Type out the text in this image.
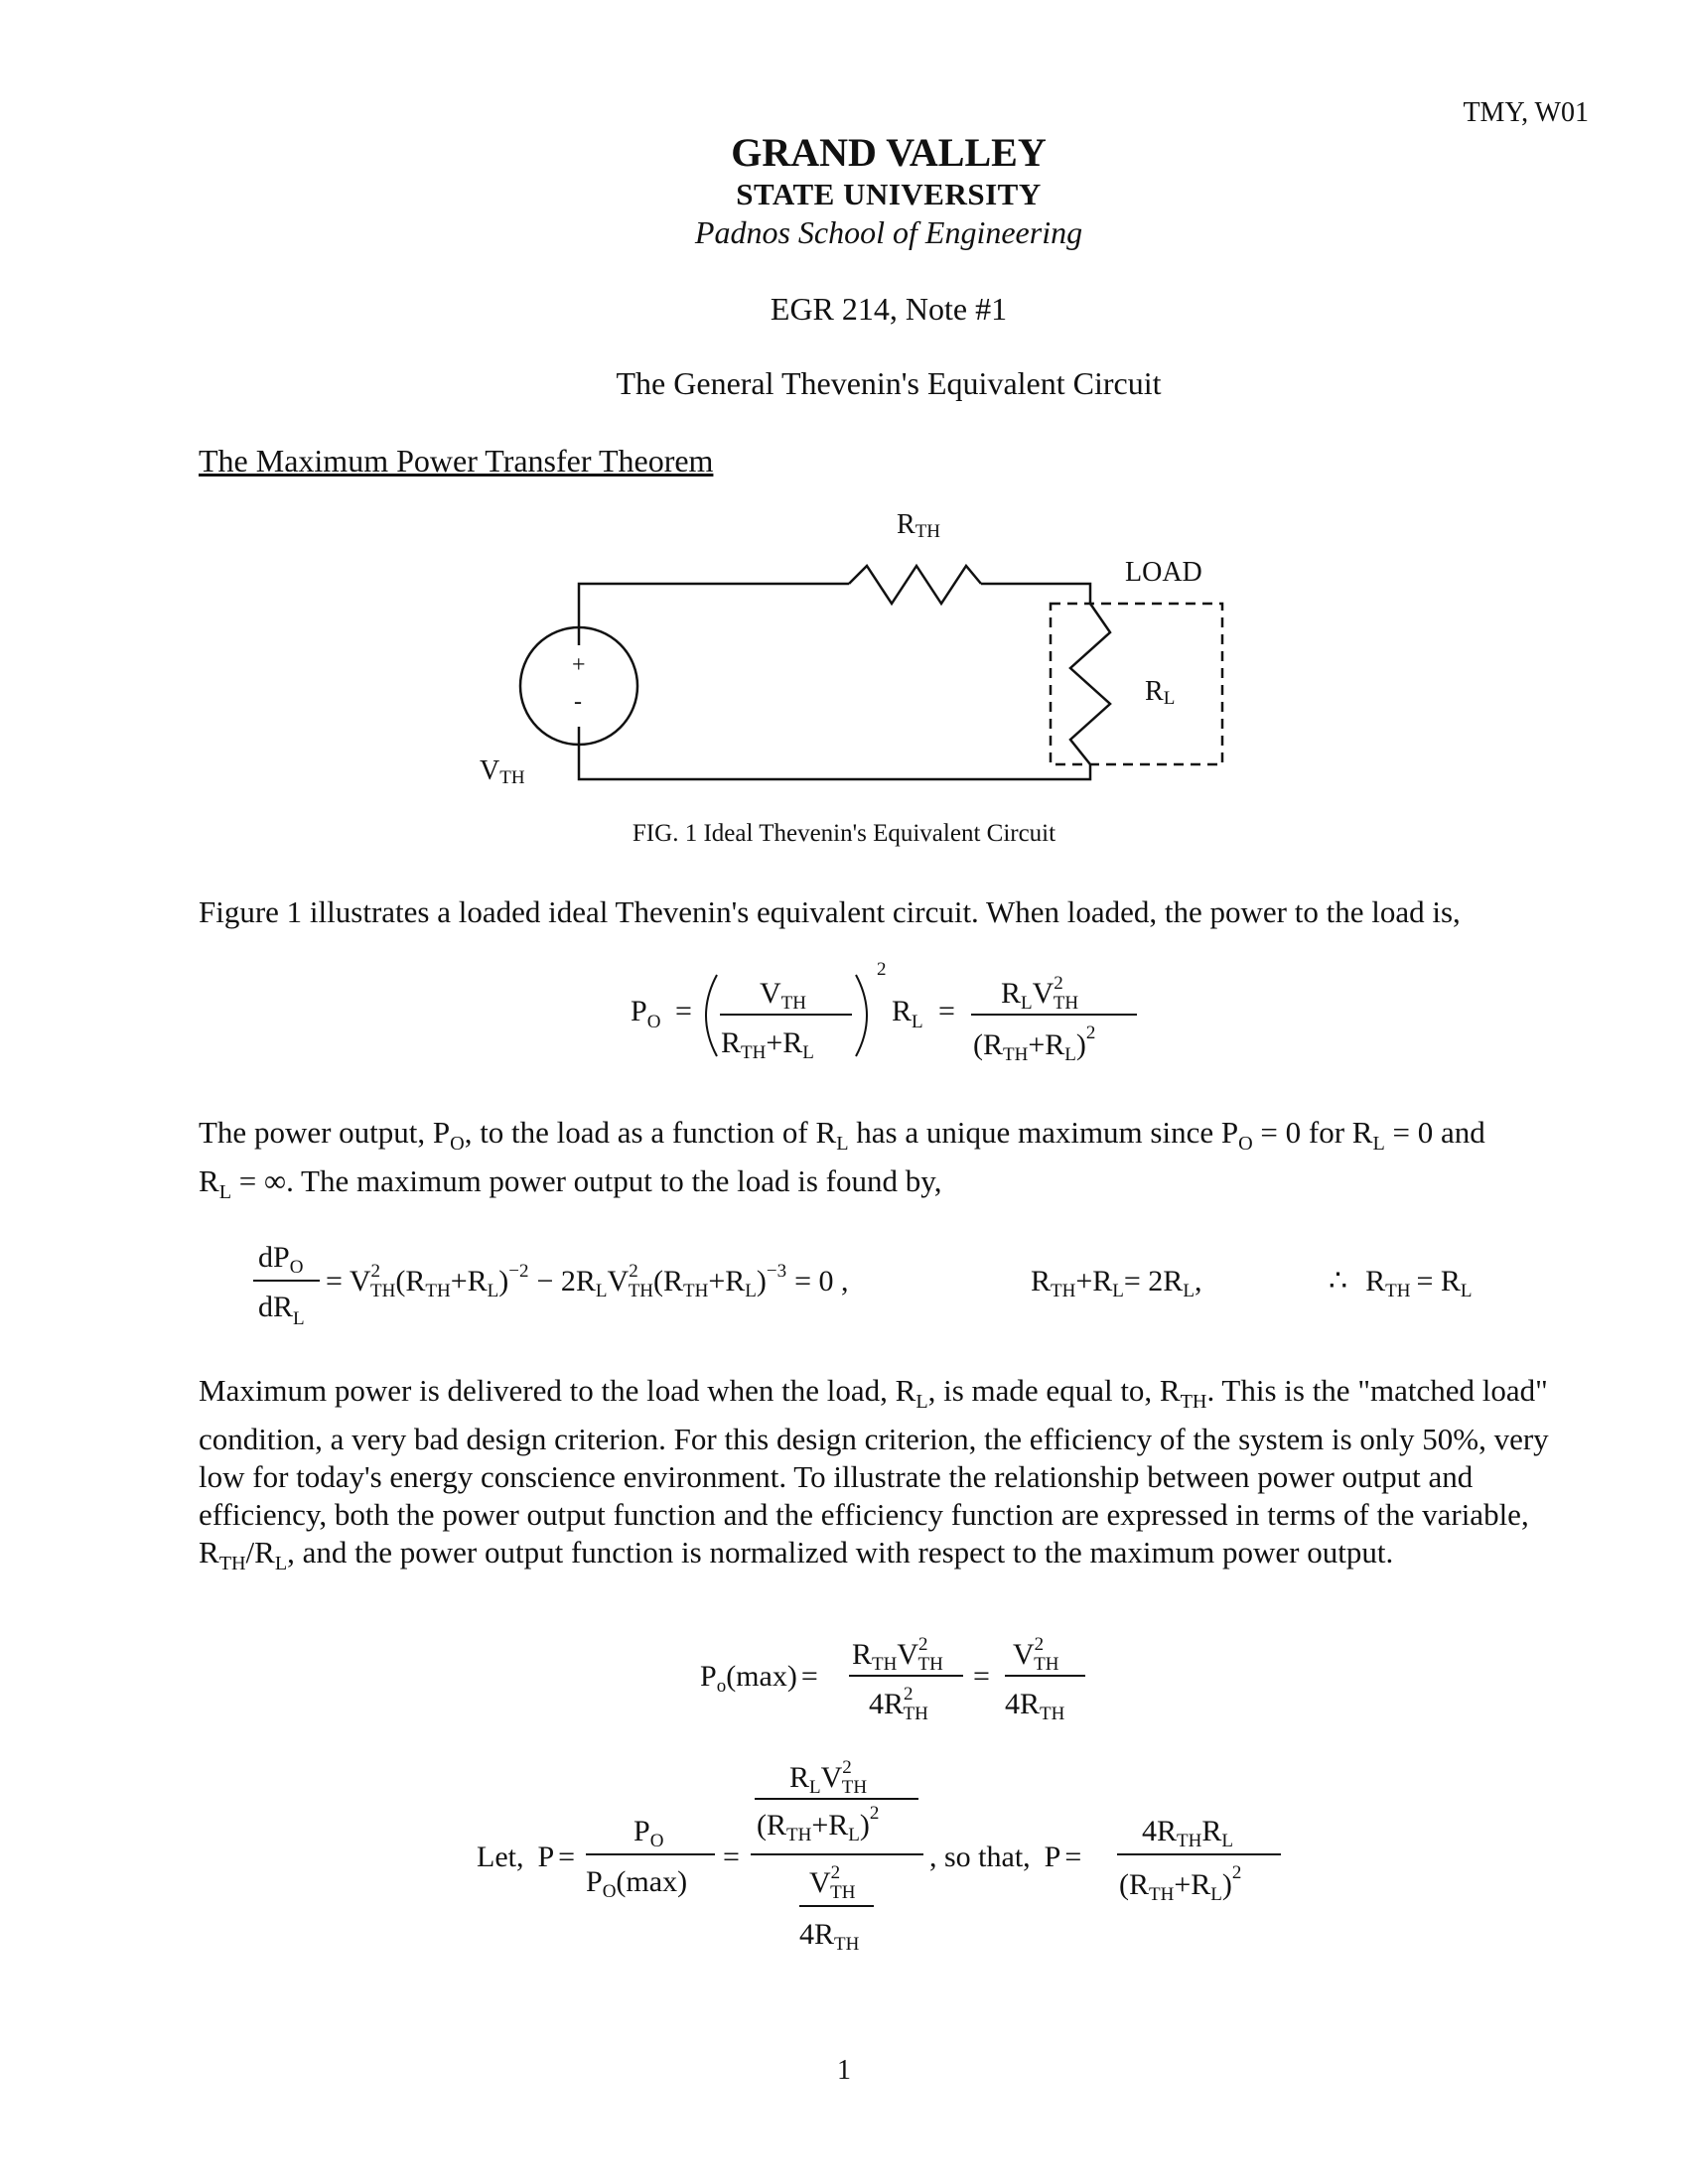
TMY, W01
GRAND VALLEY
STATE UNIVERSITY
Padnos School of Engineering
EGR 214, Note #1
The General Thevenin's Equivalent Circuit
The Maximum Power Transfer Theorem
+
-
RTH
LOAD
RL
VTH
FIG. 1 Ideal Thevenin's Equivalent Circuit
Figure 1 illustrates a loaded ideal Thevenin's equivalent circuit. When loaded, the power to the load is,
$P_O$ =
$V_{TH}$
$R_{TH}+R_L$
2
$R_L$ =
$R_LV^2$ TH
$(R_{TH}+R_L)^2$
The power output, $P_O$, to the load as a function of $R_L$ has a unique maximum since $P_O = 0$ for $R_L = 0$ and
$R_L$ = ∞. The maximum power output to the load is found by,
$dP_O$
$dR_L$
= $V^2$ $TH(R_{TH}+R_L)^{-2} - 2R_LV^2$ $TH(R_{TH}+R_L)^{-3} = 0$ ,	$R_{TH}+R_L= 2R_L$,	∴ $R_{TH} = R_L$
Maximum power is delivered to the load when the load, $R_L$, is made equal to, $R_{TH}$. This is the "matched load" condition, a very bad design criterion. For this design criterion, the efficiency of the system is only 50%, very low for today's energy conscience environment. To illustrate the relationship between power output and efficiency, both the power output function and the efficiency function are expressed in terms of the variable, $R_{TH}/R_L$, and the power output function is normalized with respect to the maximum power output.
$P_o(\max)$ =
$R_{TH}V^2$ TH
$4R^2$ TH
=
$V^2$ TH
$4R_{TH}$
Let, P =
$P_O$
$P_O(\max)$
=
$R_LV^2$ TH
$(R_{TH}+R_L)^2$
$V^2$ TH
$4R_{TH}$
, so that, P =
$4R_{TH}R_L$
$(R_{TH}+R_L)^2$
1
